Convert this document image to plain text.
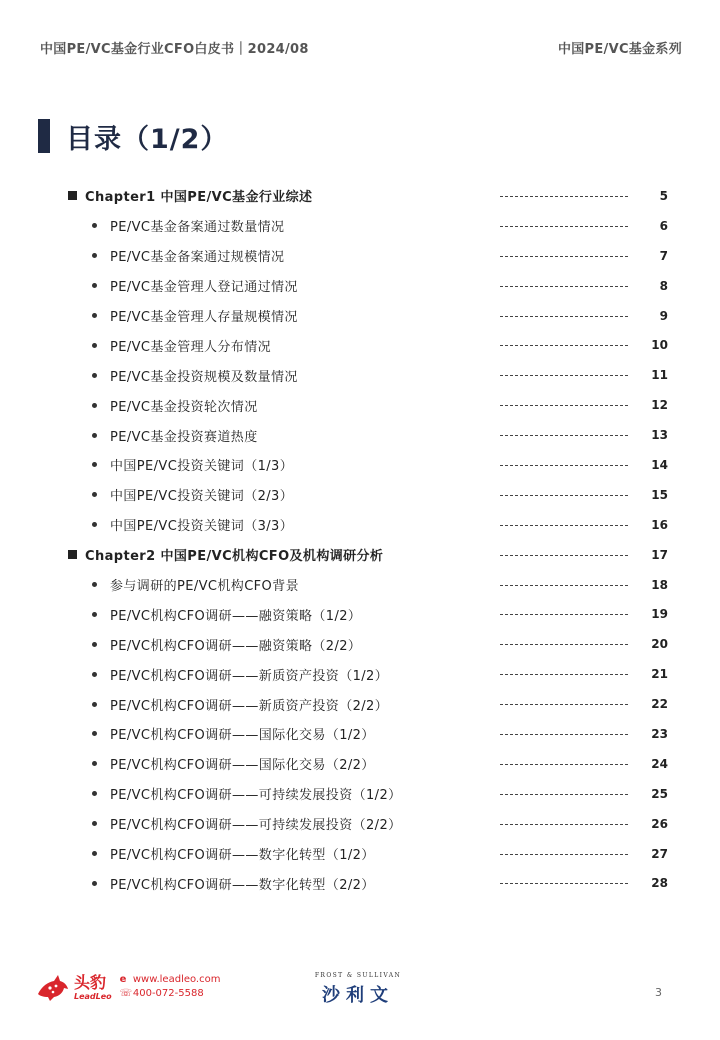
中国PE/VC基金行业CFO白皮书｜2024/08	中国PE/VC基金系列
目录（1/2）
Chapter1 中国PE/VC基金行业综述	5
PE/VC基金备案通过数量情况	6
PE/VC基金备案通过规模情况	7
PE/VC基金管理人登记通过情况	8
PE/VC基金管理人存量规模情况	9
PE/VC基金管理人分布情况	10
PE/VC基金投资规模及数量情况	11
PE/VC基金投资轮次情况	12
PE/VC基金投资赛道热度	13
中国PE/VC投资关键词（1/3）	14
中国PE/VC投资关键词（2/3）	15
中国PE/VC投资关键词（3/3）	16
Chapter2 中国PE/VC机构CFO及机构调研分析	17
参与调研的PE/VC机构CFO背景	18
PE/VC机构CFO调研——融资策略（1/2）	19
PE/VC机构CFO调研——融资策略（2/2）	20
PE/VC机构CFO调研——新质资产投资（1/2）	21
PE/VC机构CFO调研——新质资产投资（2/2）	22
PE/VC机构CFO调研——国际化交易（1/2）	23
PE/VC机构CFO调研——国际化交易（2/2）	24
PE/VC机构CFO调研——可持续发展投资（1/2）	25
PE/VC机构CFO调研——可持续发展投资（2/2）	26
PE/VC机构CFO调研——数字化转型（1/2）	27
PE/VC机构CFO调研——数字化转型（2/2）	28
头豹
LeadLeo
e www.leadleo.com
☏ 400-072-5588
FROST & SULLIVAN
沙利文	3
